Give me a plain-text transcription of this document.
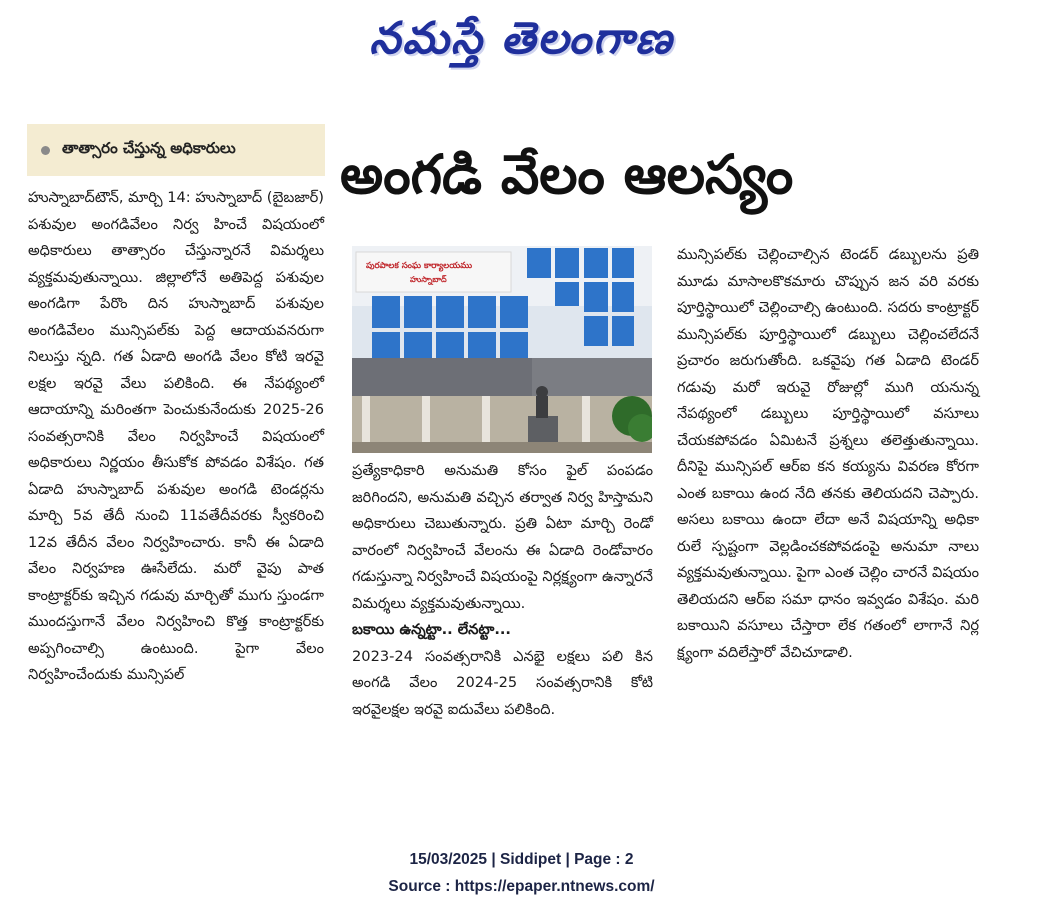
నమస్తే తెలంగాణ
తాత్సారం చేస్తున్న అధికారులు అంగడి వేలం ఆలస్యం

హుస్నాబాద్‌టౌన్‌, మార్చి 14: హుస్నాబాద్‌ (బైబజార్‌) పశువుల అంగడివేలం నిర్వ హించే విషయంలో అధికారులు తాత్సారం చేస్తున్నారనే విమర్శలు వ్యక్తమవుతున్నాయి. జిల్లాలోనే అతిపెద్ద పశువుల అంగడిగా పేరొం దిన హుస్నాబాద్‌ పశువుల అంగడివేలం మున్సిపల్‌కు పెద్ద ఆదాయవనరుగా నిలుస్తు న్నది. గత ఏడాది అంగడి వేలం కోటి ఇరవై లక్షల ఇరవై వేలు పలికింది. ఈ నేపథ్యంలో ఆదాయాన్ని మరింతగా పెంచుకునేందుకు 2025-26 సంవత్సరానికి వేలం నిర్వహించే విషయంలో అధికారులు నిర్ణయం తీసుకోక పోవడం విశేషం. గత ఏడాది హుస్నాబాద్‌ పశువుల అంగడి టెండర్లను మార్చి 5వ తేదీ నుంచి 11వతేదీవరకు స్వీకరించి 12వ తేదీన వేలం నిర్వహించారు. కానీ ఈ ఏడాది వేలం నిర్వహణ ఊసేలేదు. మరో వైపు పాత కాంట్రాక్టర్‌కు ఇచ్చిన గడువు మార్చితో ముగు స్తుండగా ముందస్తుగానే వేలం నిర్వహించి కొత్త కాంట్రాక్టర్‌కు అప్పగించాల్సి ఉంటుంది. పైగా వేలం నిర్వహించేందుకు మున్సిపల్‌

పురపాలక సంఘ కార్యాలయము
హుస్నాబాద్

ప్రత్యేకాధికారి అనుమతి కోసం ఫైల్‌ పంపడం జరిగిందని, అనుమతి వచ్చిన తర్వాత నిర్వ హిస్తామని అధికారులు చెబుతున్నారు. ప్రతి ఏటా మార్చి రెండో వారంలో నిర్వహించే వేలంను ఈ ఏడాది రెండోవారం గడుస్తున్నా నిర్వహించే విషయంపై నిర్లక్ష్యంగా ఉన్నారనే విమర్శలు వ్యక్తమవుతున్నాయి.

బకాయి ఉన్నట్టా.. లేనట్టా...

2023-24 సంవత్సరానికి ఎనభై లక్షలు పలి కిన అంగడి వేలం 2024-25 సంవత్సరానికి కోటి ఇరవైలక్షల ఇరవై ఐదువేలు పలికింది.

మున్సిపల్‌కు చెల్లించాల్సిన టెండర్‌ డబ్బులను ప్రతి మూడు మాసాలకొకమారు చొప్పున జన వరి వరకు పూర్తిస్థాయిలో చెల్లించాల్సి ఉంటుంది. సదరు కాంట్రాక్టర్‌ మున్సిపల్‌కు పూర్తిస్థాయిలో డబ్బులు చెల్లించలేదనే ప్రచారం జరుగుతోంది. ఒకవైపు గత ఏడాది టెండర్‌ గడువు మరో ఇరువై రోజుల్లో ముగి యనున్న నేపథ్యంలో డబ్బులు పూర్తిస్థాయిలో వసూలు చేయకపోవడం ఏమిటనే ప్రశ్నలు తలెత్తుతున్నాయి. దీనిపై మున్సిపల్‌ ఆర్‌ఐ కన కయ్యను వివరణ కోరగా ఎంత బకాయి ఉంద నేది తనకు తెలియదని చెప్పారు. అసలు బకాయి ఉందా లేదా అనే విషయాన్ని అధికా రులే స్పష్టంగా వెల్లడించకపోవడంపై అనుమా నాలు వ్యక్తమవుతున్నాయి. పైగా ఎంత చెల్లిం చారనే విషయం తెలియదని ఆర్‌ఐ సమా ధానం ఇవ్వడం విశేషం. మరి బకాయిని వసూలు చేస్తారా లేక గతంలో లాగానే నిర్ల క్ష్యంగా వదిలేస్తారో వేచిచూడాలి.

15/03/2025 | Siddipet | Page : 2
Source : https://epaper.ntnews.com/
